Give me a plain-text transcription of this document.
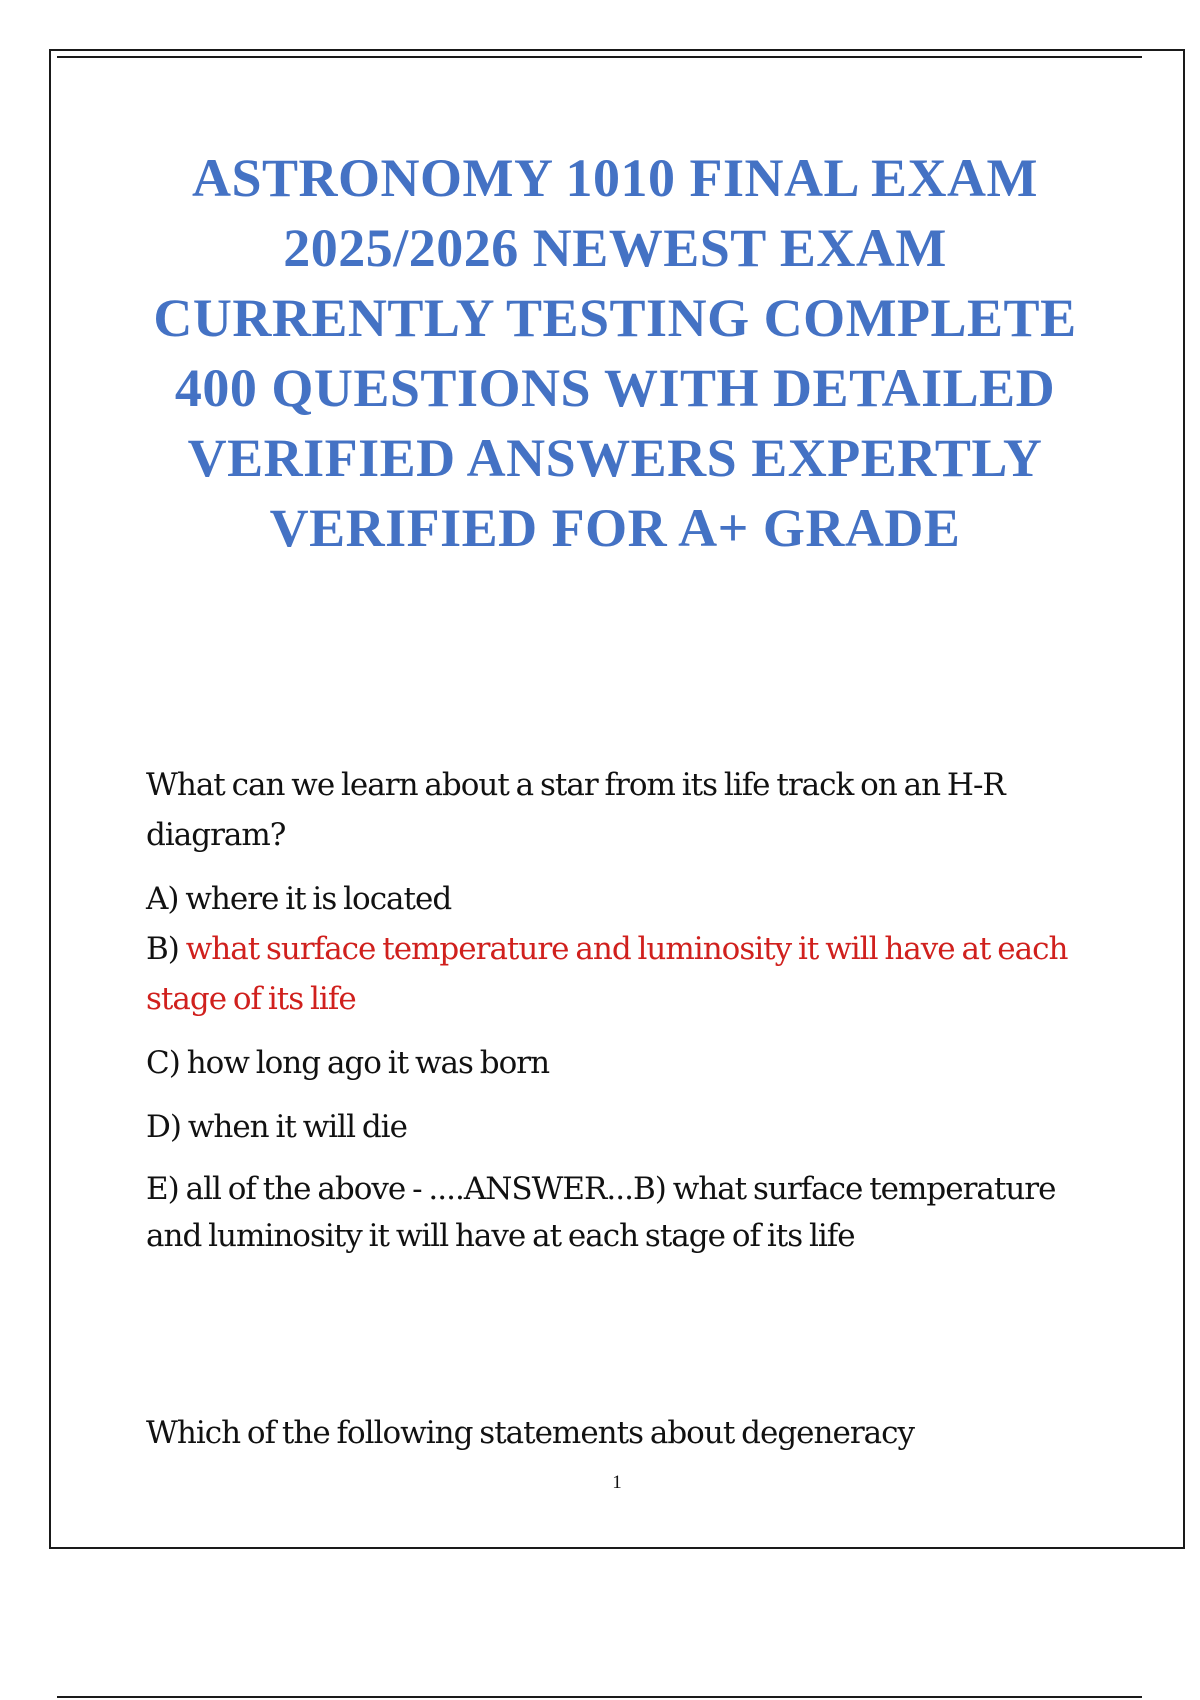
ASTRONOMY 1010 FINAL EXAM 2025/2026 NEWEST EXAM CURRENTLY TESTING COMPLETE 400 QUESTIONS WITH DETAILED VERIFIED ANSWERS EXPERTLY VERIFIED FOR A+ GRADE

What can we learn about a star from its life track on an H-R diagram?

A) where it is located

B) what surface temperature and luminosity it will have at each stage of its life

C) how long ago it was born

D) when it will die

E) all of the above - ....ANSWER...B) what surface temperature and luminosity it will have at each stage of its life

Which of the following statements about degeneracy

1
